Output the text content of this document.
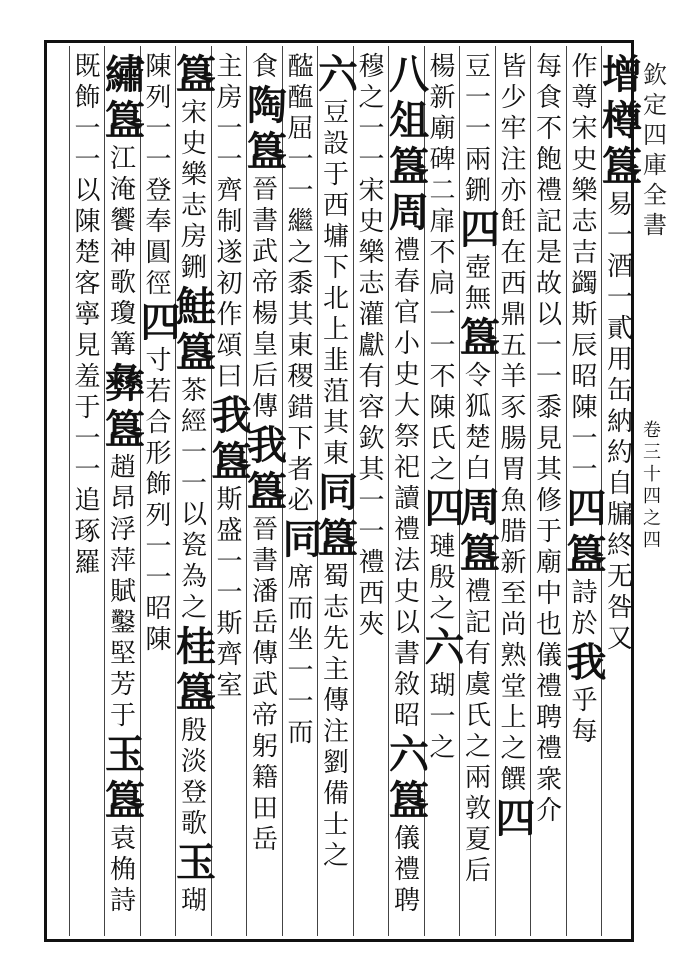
欽
定
四
庫
全
書
卷
三
十
四
之
四
增
樽
簋
易
一
酒
一
貳
用
缶
納
約
自
牖
終
无
咎
又
作
尊
宋
史
樂
志
吉
蠲
斯
辰
昭
陳
一
一
四
簋
詩
於
我
乎
每
每
食
不
飽
禮
記
是
故
以
一
一
黍
見
其
修
于
廟
中
也
儀
禮
聘
禮
衆
介
皆
少
牢
注
亦
飪
在
西
鼎
五
羊
豕
腸
胃
魚
腊
新
至
尚
熟
堂
上
之
饌
四
豆
一
一
兩
鉶
四
壺
無
簋
令
狐
楚
白
周
簋
禮
記
有
虞
氏
之
兩
敦
夏
后
楊
新
廟
碑
二
扉
不
扃
一
一
不
陳
氏
之
四
璉
殷
之
六
瑚
一
之
八
俎
簋
周
禮
春
官
小
史
大
祭
祀
讀
禮
法
史
以
書
敘
昭
六
簋
儀
禮
聘
穆
之
一
一
宋
史
樂
志
灌
獻
有
容
欽
其
一
一
禮
西
夾
六
豆
設
于
西
墉
下
北
上
韭
菹
其
東
同
簋
蜀
志
先
主
傳
注
劉
備
士
之
醓
醢
屈
一
一
繼
之
黍
其
東
稷
錯
下
者
必
同
席
而
坐
一
一
而
食
陶
簋
晉
書
武
帝
楊
皇
后
傳
我
簋
晉
書
潘
岳
傳
武
帝
躬
籍
田
岳
主
房
一
一
齊
制
遂
初
作
頌
曰
我
簋
斯
盛
一
一
斯
齊
室
簋
宋
史
樂
志
房
鉶
鮭
簋
茶
經
一
一
以
瓷
為
之
桂
簋
殷
淡
登
歌
玉
瑚
陳
列
一
一
登
奉
圓
徑
四
寸
若
合
形
飾
列
一
一
昭
陳
繡
簋
江
淹
饗
神
歌
瓊
篝
彝
簋
趙
昂
浮
萍
賦
鑿
堅
芳
于
玉
簋
袁
桷
詩
既
飾
一
一
以
陳
楚
客
寧
見
羞
于
一
一
追
琢
羅
